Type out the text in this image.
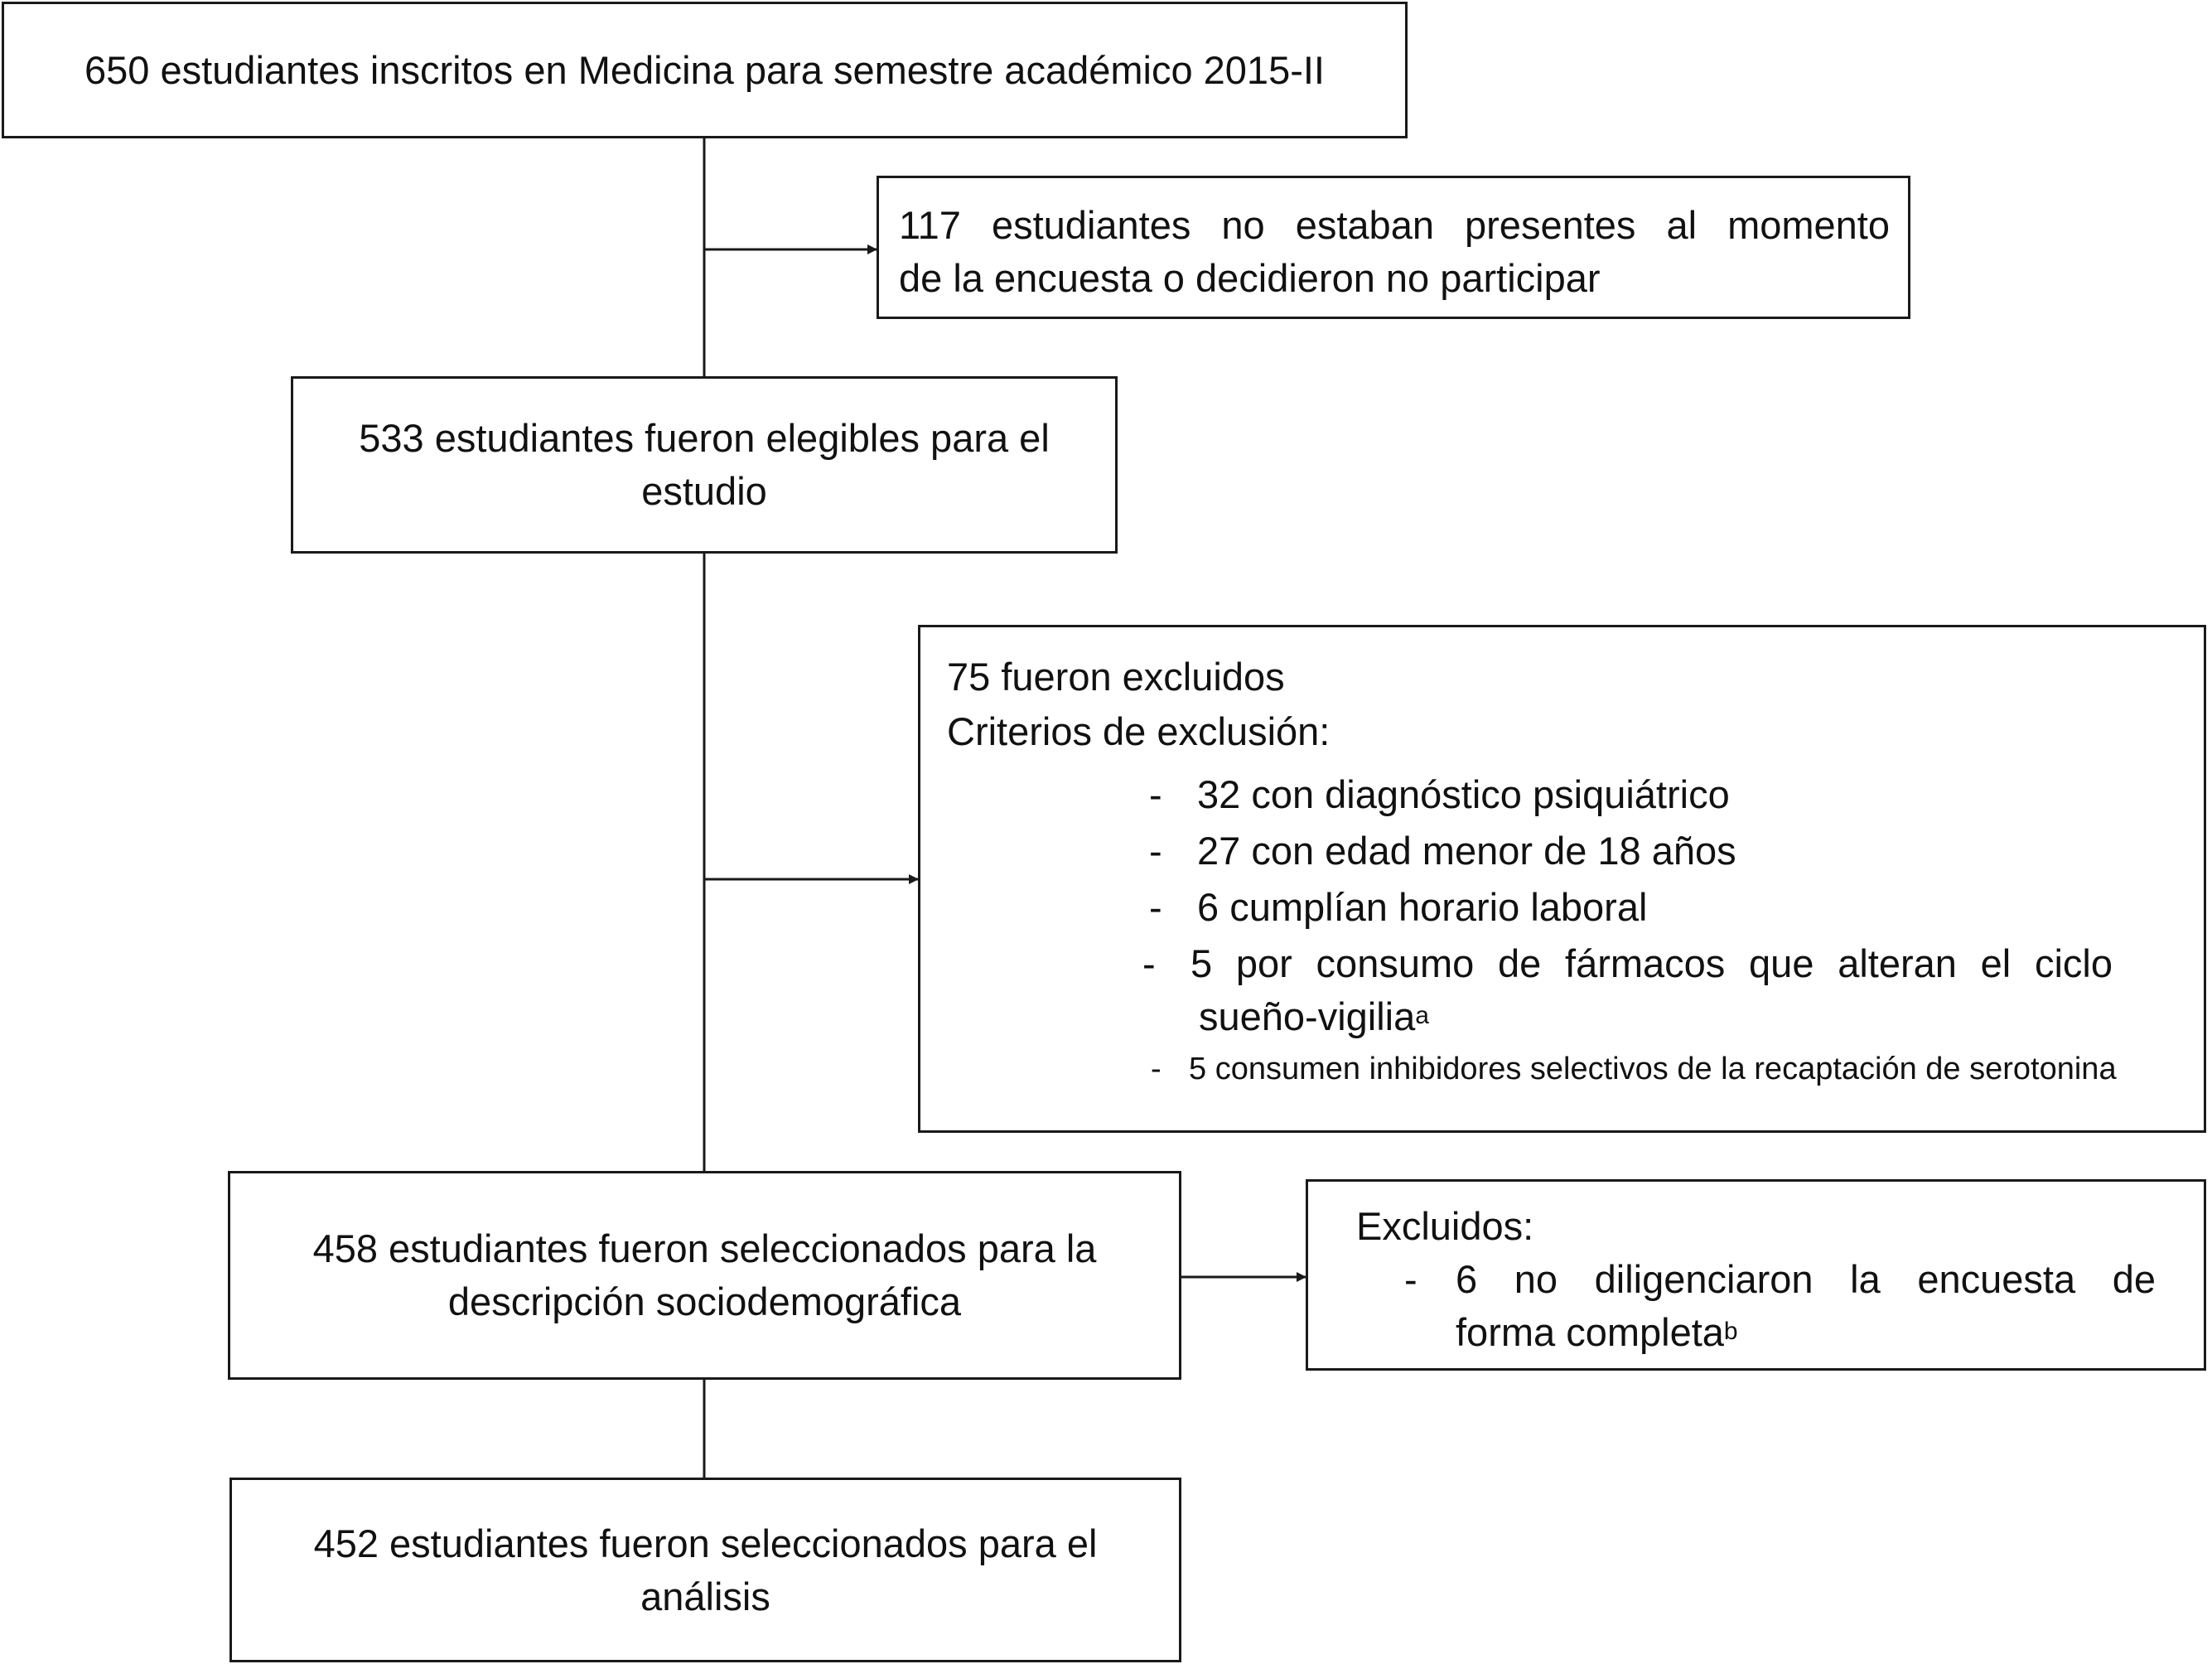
650 estudiantes inscritos en Medicina para semestre académico 2015-II
117 estudiantes no estaban presentes al momento
de la encuesta o decidieron no participar
533 estudiantes fueron elegibles para el estudio
75 fueron excluidos
Criterios de exclusión:
- 32 con diagnóstico psiquiátrico
- 27 con edad menor de 18 años
- 6 cumplían horario laboral
- 5 por consumo de fármacos que alteran el ciclo
sueño-vigilia$^a$
- 5 consumen inhibidores selectivos de la recaptación de serotonina
458 estudiantes fueron seleccionados para la descripción sociodemográfica
Excluidos:
- 6 no diligenciaron la encuesta de
forma completa$^b$
452 estudiantes fueron seleccionados para el análisis
